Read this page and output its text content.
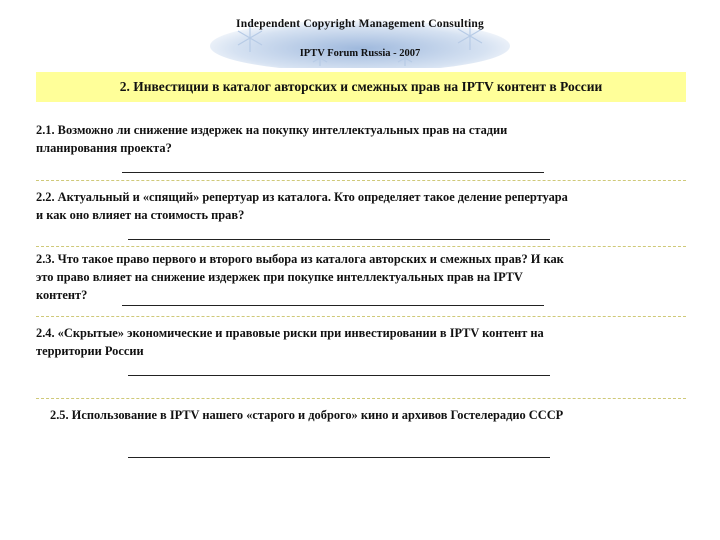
Independent Copyright Management Consulting
IPTV Forum Russia - 2007
2. Инвестиции в каталог авторских и смежных прав на IPTV контент в России
2.1. Возможно ли снижение издержек на покупку интеллектуальных прав на стадии
планирования проекта?
2.2. Актуальный и «спящий» репертуар из каталога. Кто определяет такое деление репертуара
и как оно влияет на стоимость прав?
2.3. Что такое право первого и второго выбора из каталога авторских и смежных прав? И как
это право влияет на снижение издержек при покупке интеллектуальных прав на IPTV
контент?
2.4. «Скрытые» экономические и правовые риски при инвестировании в IPTV контент на
территории России
2.5. Использование в IPTV нашего «старого и доброго» кино и архивов Гостелерадио СССР
